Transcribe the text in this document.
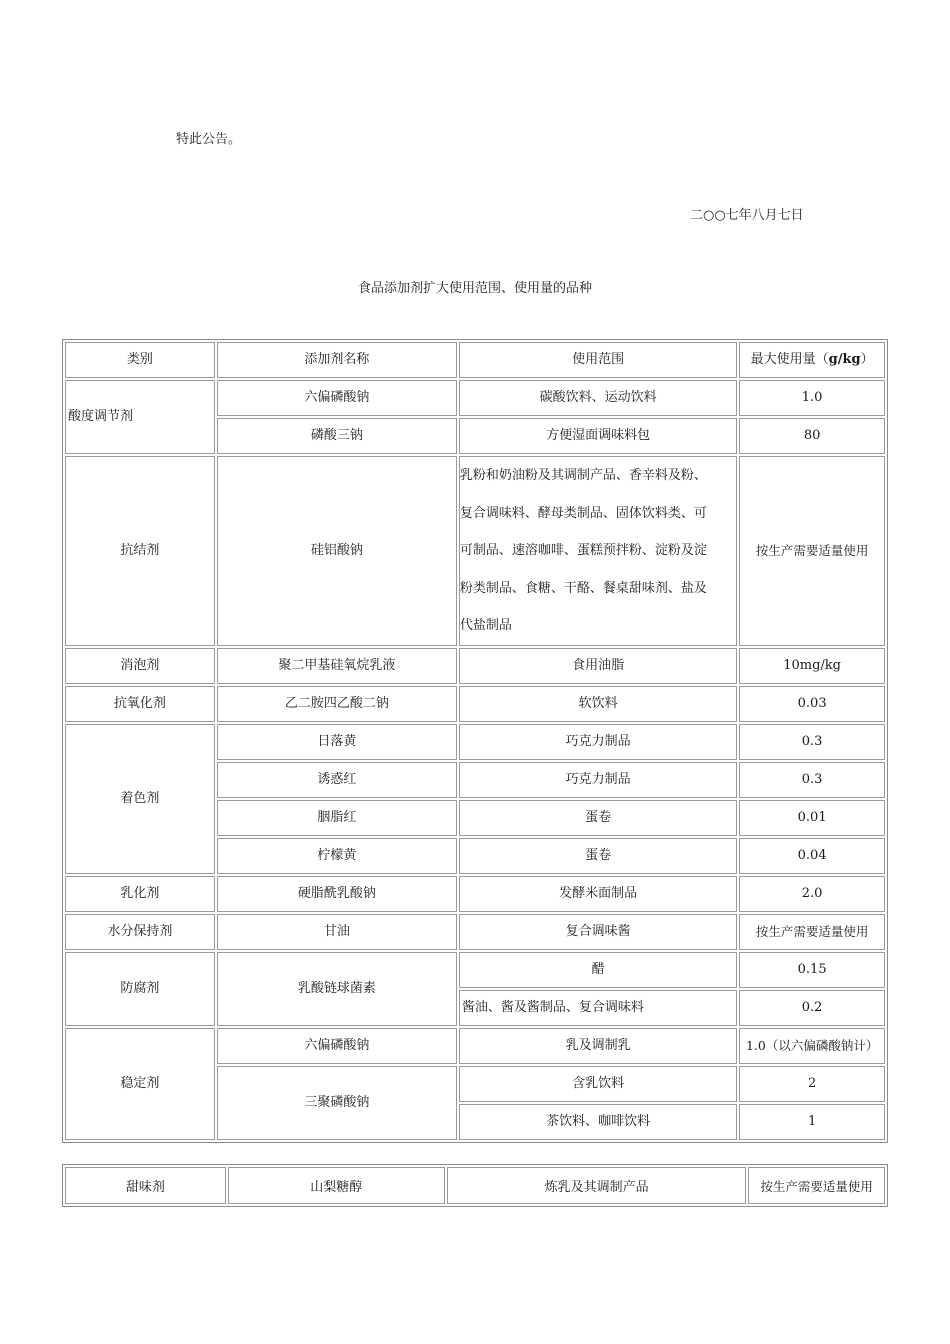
特此公告。
二○○七年八月七日
食品添加剂扩大使用范围、使用量的品种
类别	添加剂名称	使用范围	最大使用量（g/kg）
酸度调节剂	六偏磷酸钠	碳酸饮料、运动饮料	1.0
	磷酸三钠	方便湿面调味料包	80
抗结剂	硅铝酸钠	乳粉和奶油粉及其调制产品、香辛料及粉、
复合调味料、酵母类制品、固体饮料类、可
可制品、速溶咖啡、蛋糕预拌粉、淀粉及淀
粉类制品、食糖、干酪、餐桌甜味剂、盐及
代盐制品	按生产需要适量使用
消泡剂	聚二甲基硅氧烷乳液	食用油脂	10mg/kg
抗氧化剂	乙二胺四乙酸二钠	软饮料	0.03
着色剂	日落黄	巧克力制品	0.3
	诱惑红	巧克力制品	0.3
	胭脂红	蛋卷	0.01
	柠檬黄	蛋卷	0.04
乳化剂	硬脂酰乳酸钠	发酵米面制品	2.0
水分保持剂	甘油	复合调味酱	按生产需要适量使用
防腐剂	乳酸链球菌素	醋	0.15
		酱油、酱及酱制品、复合调味料	0.2
稳定剂	六偏磷酸钠	乳及调制乳	1.0（以六偏磷酸钠计）
	三聚磷酸钠	含乳饮料	2
		茶饮料、咖啡饮料	1
甜味剂	山梨糖醇	炼乳及其调制产品	按生产需要适量使用
